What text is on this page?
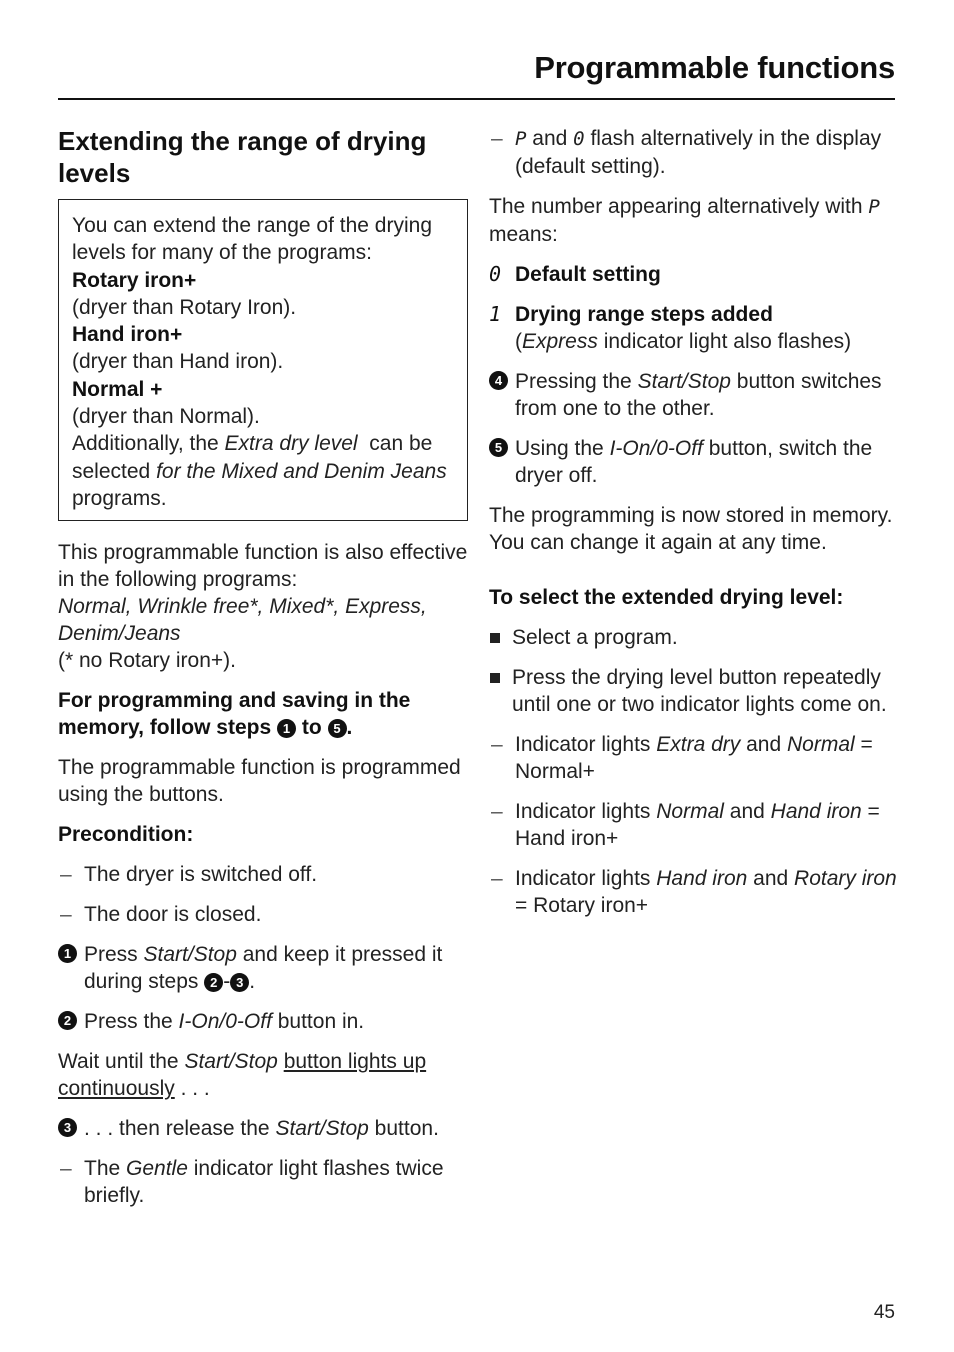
Programmable functions
Extending the range of drying levels

You can extend the range of the drying levels for many of the programs:

Rotary iron+

(dryer than Rotary Iron).

Hand iron+

(dryer than Hand iron).

Normal +

(dryer than Normal).

Additionally, the Extra dry level  can be selected for the Mixed and Denim Jeans  programs.

This programmable function is also effective in the following programs:

Normal, Wrinkle free*, Mixed*, Express, Denim/Jeans

(* no Rotary iron+).

For programming and saving in the memory, follow steps 1 to 5 .

The programmable function is programmed using the buttons.

Precondition:

– The dryer is switched off.
– The door is closed.
1 Press Start/Stop and keep it pressed it during steps 2 - 3 .
2 Press the I-On/0-Off button in.

Wait until the Start/Stop button lights up continuously . . .

3 . . . then release the Start/Stop button.
– The Gentle indicator light flashes twice briefly.
– P and 0 flash alternatively in the display (default setting).

The number appearing alternatively with P means:

0 Default setting
1 Drying range steps added
(Express indicator light also flashes)
4 Pressing the Start/Stop button switches from one to the other.
5 Using the I-On/0-Off button, switch the dryer off.

The programming is now stored in memory. You can change it again at any time.

To select the extended drying level:

Select a program.
Press the drying level button repeatedly until one or two indicator lights come on.
– Indicator lights Extra dry and Normal = Normal+
– Indicator lights Normal and Hand iron = Hand iron+
– Indicator lights Hand iron and Rotary iron = Rotary iron+
45
